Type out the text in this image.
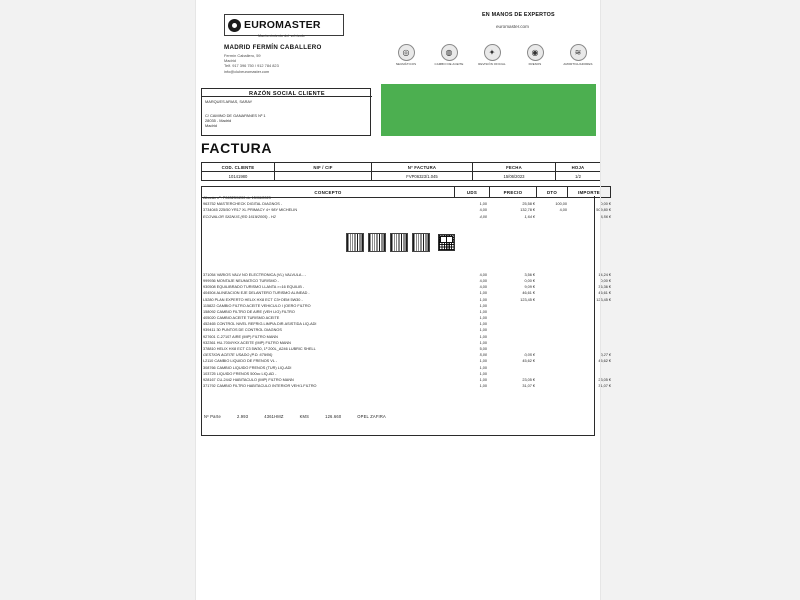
EUROMASTER
Mantenimiento del vehículo
MADRID FERMÍN CABALLERO
Fermín Caballero, 59
Madrid
Telf. 917 396 750 / 912 784 823
info@clubeuromaster.com
EN MANOS DE EXPERTOS
euromaster.com
◎
NEUMÁTICOS
◍
CAMBIO DE ACEITE
✦
REVISIÓN OFICIAL
◉
FRENOS
≋
AMORTIGUADORES
RAZÓN SOCIAL CLIENTE
MARQUES ARIAS, SARAY
C/ CAMINO DE GANAPANES Nº 1
28035 - Madrid
Madrid
FACTURA
COD. CLIENTE	NIF / CIF	Nº FACTURA	FECHA	HOJA
10141980		FVP06323/1.045	15/06/2023	1/2
CONCEPTO	UDS	PRECIO	DTO	IMPORTE
Albarán nº: P06323/1200 de 15/06/2023				
963752 MASTERCHECK DIGITAL DIAGNOS -	1,00	25,58 €	100,00	0,00 €
3734045 225/50 YR17 XL PRIMACY 4+ 98Y MICHELIN	4,00	132,78 €	4,00	509,80 €
ECOVALOR SIGNUS (RD 1619/2005) - H2	4,00	1,64 €		6,56 €

371054 VARIOS VALV NO ELECTRONICA (VL) VALVULA - -	4,00	3,56 €		14,24 €
999936 MONTAJE NEUMATICO TURISMO -	4,00	0,00 €		0,00 €
930508 EQUILIBRADO TURISMO LLANTA >=16 EQUILIB -	4,00	9,09 €		36,36 €
404504 ALINEACION EJE DELANTERO TURISMO ALINEAD -	1,00	46,61 €		46,61 €
L5280 PLAN EXPERTO HELIX HX8 ECT C3+OEM 5W30 -	1,00	123,45 €		123,45 €
115822 CAMBIO FILTRO ACEITE VEHICULO I (OERO FILTRO	1,00			
158092 CAMBIO FILTRO DE AIRE (VEH LIG) FILTRO	1,00			
405020 CAMBIO ACEITE TURISMO ACEITE	1,00			
452465 CONTROL NIVEL REFRIG.LIMPIA.DIR.ASISTIDA LIQ-ADI	1,00			
939411 30 PUNTOS DE CONTROL DIAGNOS	1,00			
927601 C-27107 AIRE (IMP) FILTRO MANN	1,00			
932361 HU-7004YKX ACEITE (IMP) FILTRO MANN	1,00			
378810 HELIX HX8 ECT C3 5W30, 1º 200L_A246 LUBRIC SHELL	5,00			
GESTION ACEITE USADO (P.D. 679/06)	5,00	0,05 €		0,27 €
L2110 CAMBIO LIQUIDO DE FRENOS VL -	1,00	45,62 €		45,62 €
308766 CAMBIO LIQUIDO FRENOS (TUR) LIQ-ADI	1,00			
103725 LIQUIDO FRENOS 500cc LIQ-AD -	1,00			
928167 CU-2442 HABITACULO (IMP) FILTRO MANN	1,00	23,05 €		23,05 €
371792 CAMBIO FILTRO HABITACULO INTERIOR VEH/1.FILTRO	1,00	31,07 €		31,07 €
Nº Parte	2.993	4361HMZ	KMS	126.660	OPEL ZAFIRA
